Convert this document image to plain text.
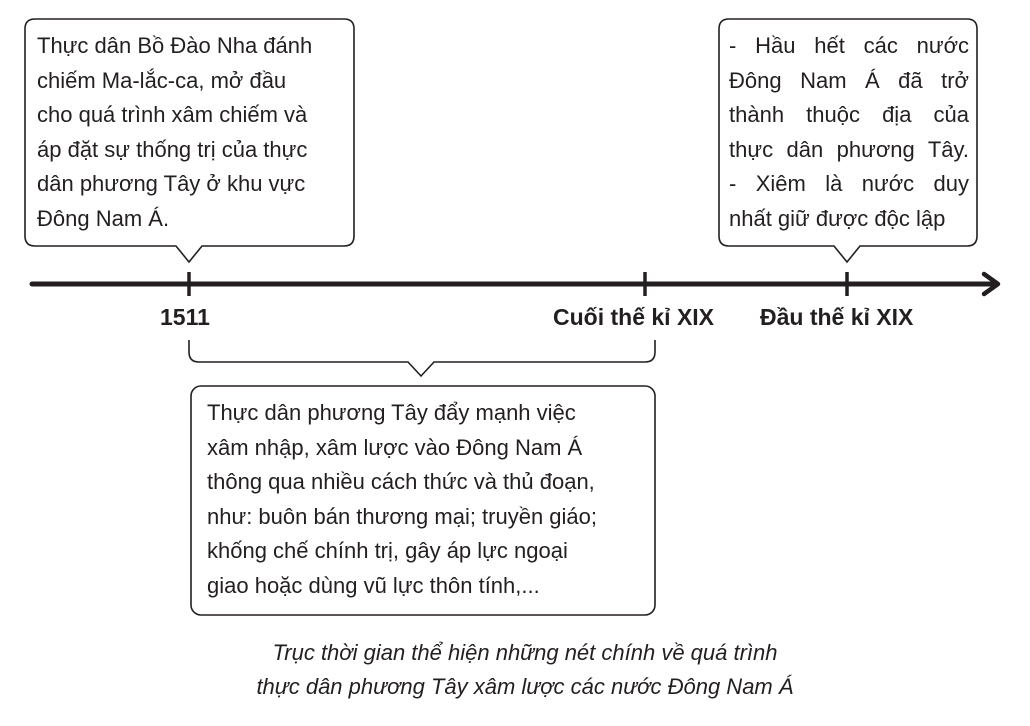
Thực dân Bồ Đào Nha đánh
chiếm Ma-lắc-ca, mở đầu
cho quá trình xâm chiếm và
áp đặt sự thống trị của thực
dân phương Tây ở khu vực
Đông Nam Á.
- Hầu hết các nước
Đông Nam Á đã trở
thành thuộc địa của
thực dân phương Tây.
- Xiêm là nước duy
nhất giữ được độc lập
1511	Cuối thế kỉ XIX Đầu thế kỉ XIX
Thực dân phương Tây đẩy mạnh việc
xâm nhập, xâm lược vào Đông Nam Á
thông qua nhiều cách thức và thủ đoạn,
như: buôn bán thương mại; truyền giáo;
khống chế chính trị, gây áp lực ngoại
giao hoặc dùng vũ lực thôn tính,...
Trục thời gian thể hiện những nét chính về quá trình
thực dân phương Tây xâm lược các nước Đông Nam Á
